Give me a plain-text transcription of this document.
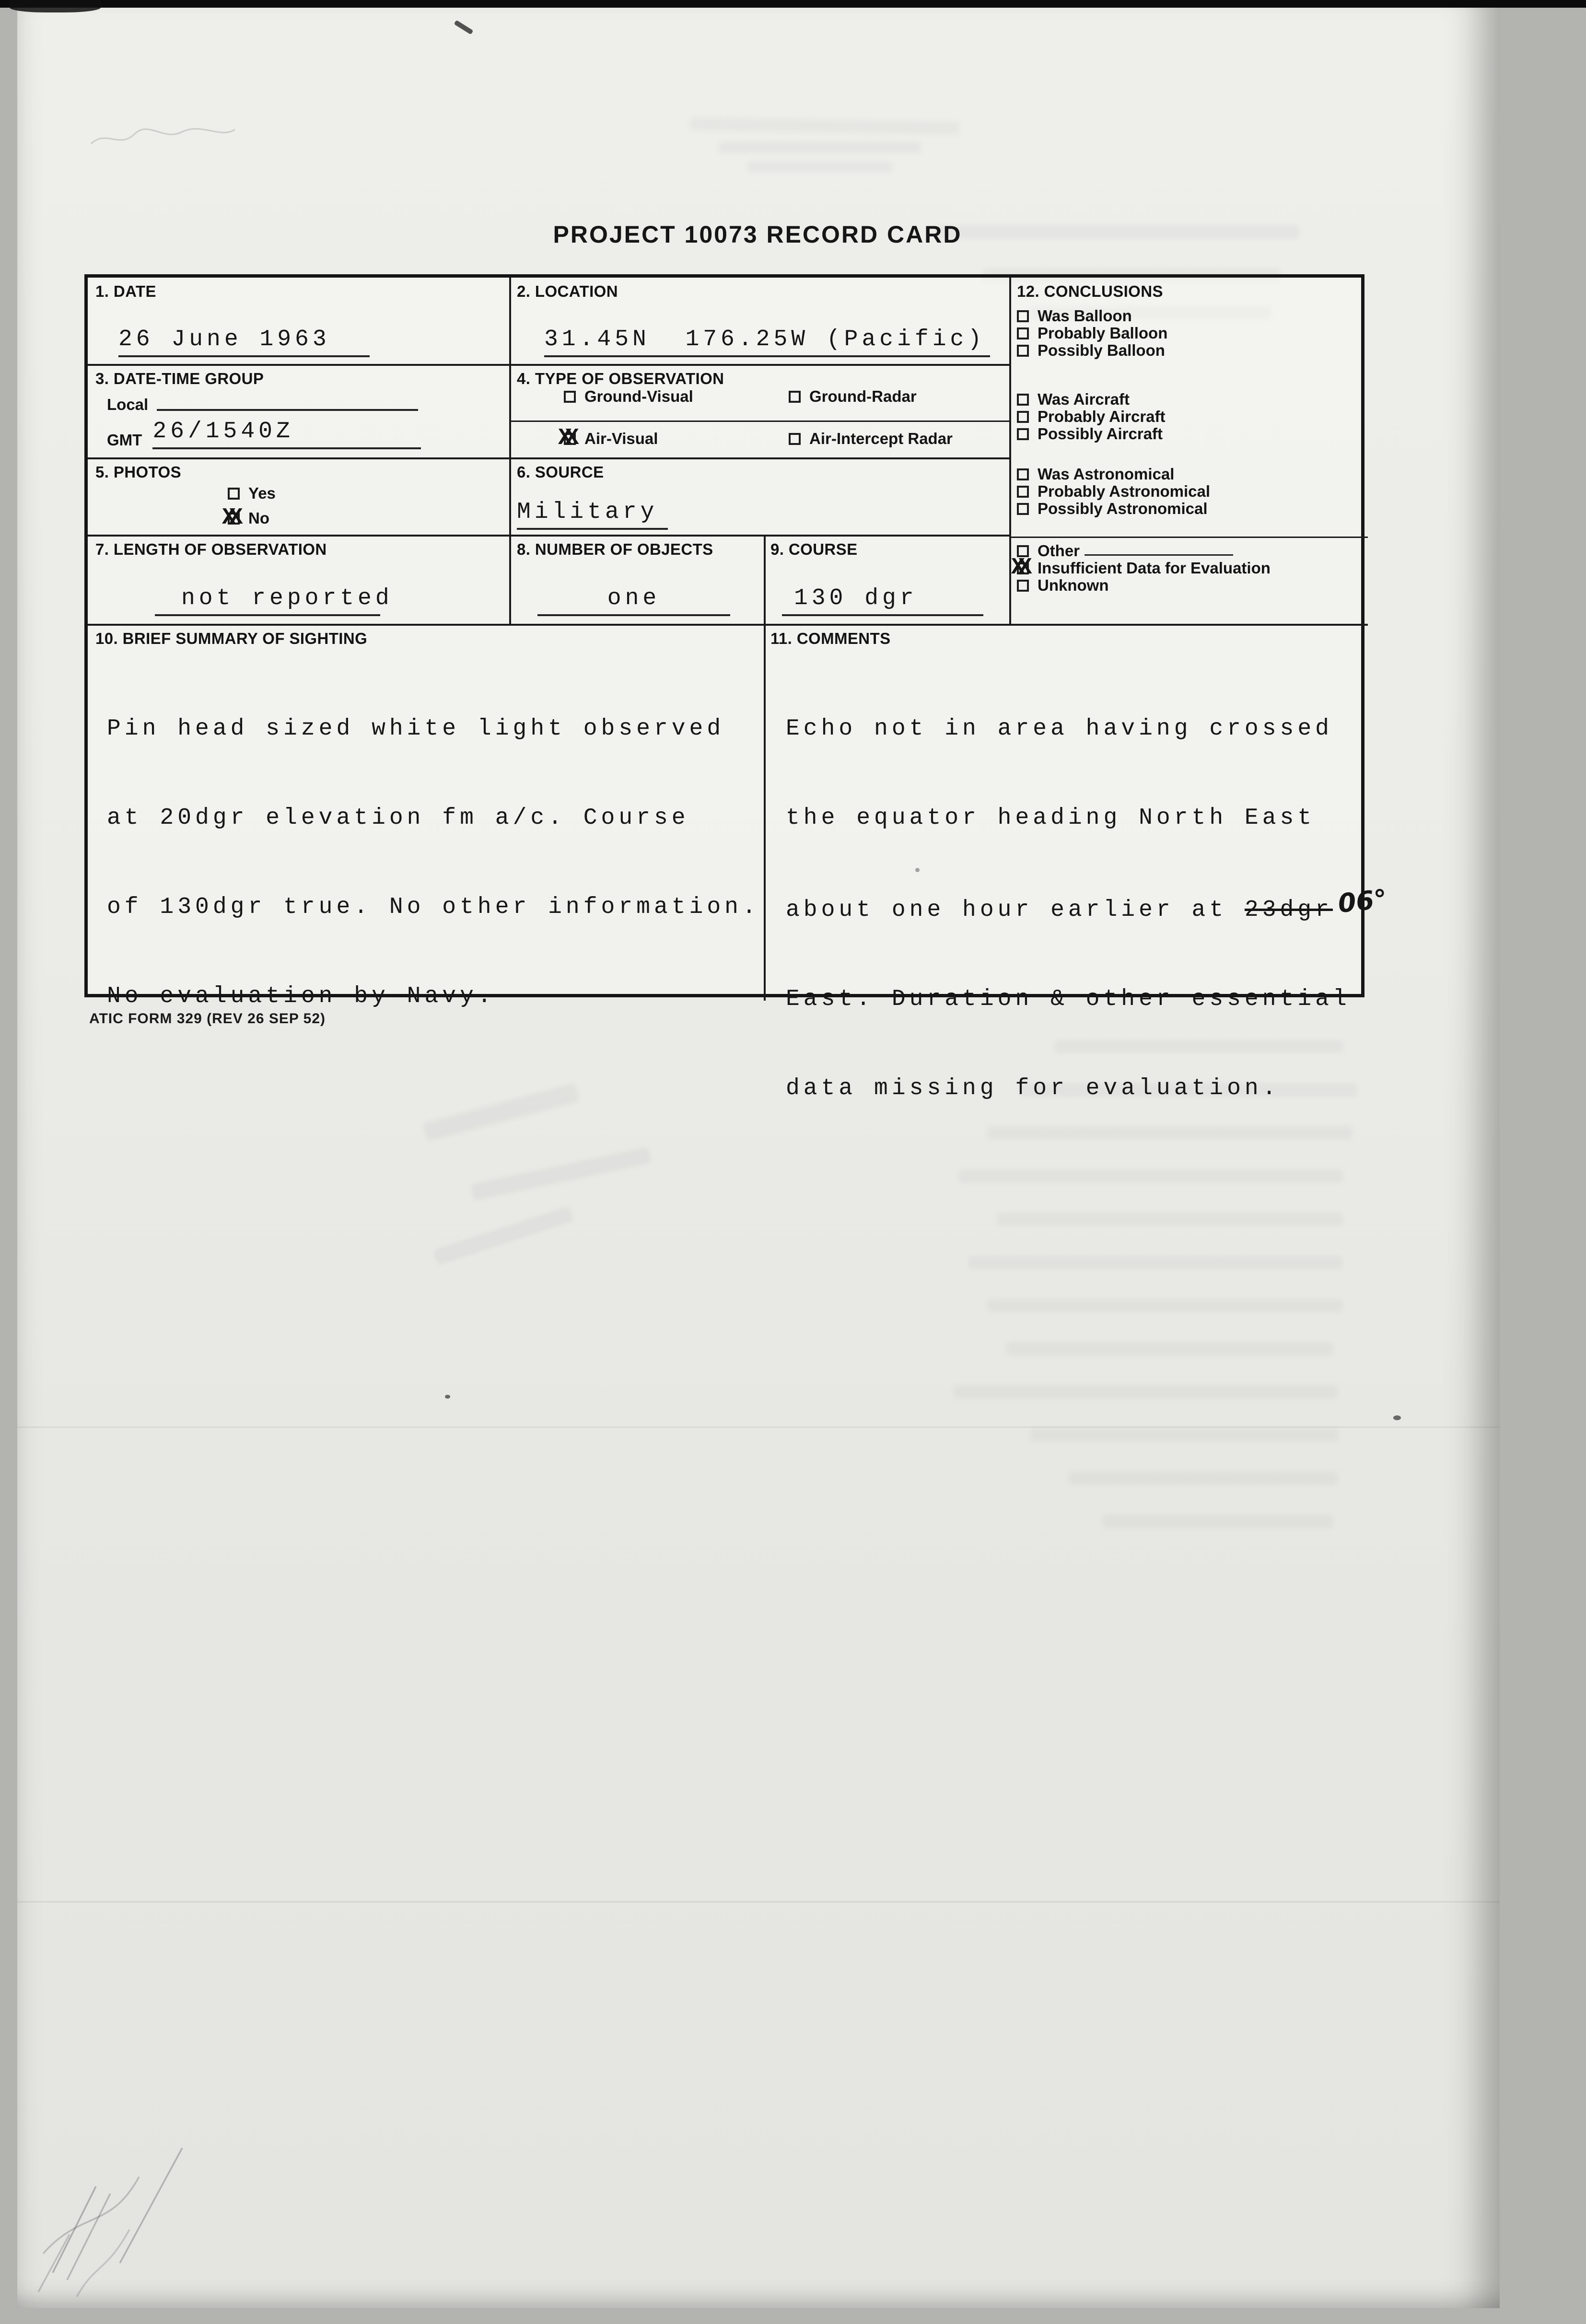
PROJECT 10073 RECORD CARD
1. DATE
26 June 1963
2. LOCATION
31.45N  176.25W (Pacific)
3. DATE-TIME GROUP
Local
GMT 26/1540Z
4. TYPE OF OBSERVATION
Ground-Visual	Ground-Radar
XX Air-Visual	Air-Intercept Radar
5. PHOTOS
Yes
XX No
6. SOURCE
Military
7. LENGTH OF OBSERVATION
not reported
8. NUMBER OF OBJECTS
one
9. COURSE
130 dgr
10. BRIEF SUMMARY OF SIGHTING

Pin head sized white light observed

at 20dgr elevation fm a/c. Course

of 130dgr true. No other information.

No evaluation by Navy.

11. COMMENTS

Echo not in area having crossed

the equator heading North East

about one hour earlier at 23dgr 06°

East. Duration & other essential

data missing for evaluation.

12. CONCLUSIONS
Was Balloon
Probably Balloon
Possibly Balloon
Was Aircraft
Probably Aircraft
Possibly Aircraft
Was Astronomical
Probably Astronomical
Possibly Astronomical
Other
XX Insufficient Data for Evaluation
Unknown
ATIC FORM 329 (REV 26 SEP 52)
